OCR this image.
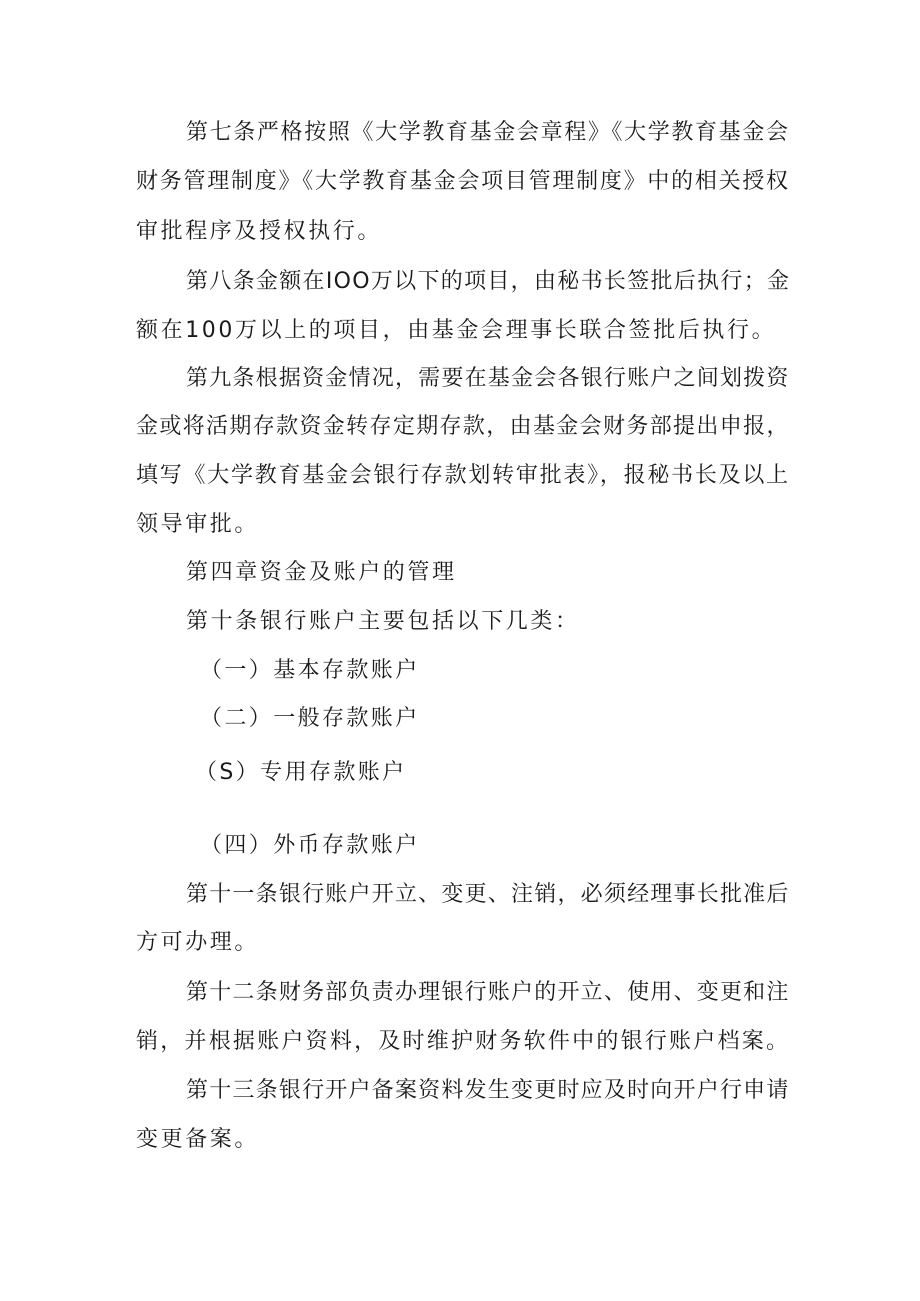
第七条严格按照《大学教育基金会章程》《大学教育基金会
财务管理制度》《大学教育基金会项目管理制度》中的相关授权
审批程序及授权执行。
第八条金额在IOO万以下的项目，由秘书长签批后执行；金
额在100万以上的项目，由基金会理事长联合签批后执行。
第九条根据资金情况，需要在基金会各银行账户之间划拨资
金或将活期存款资金转存定期存款，由基金会财务部提出申报，
填写《大学教育基金会银行存款划转审批表》，报秘书长及以上
领导审批。
第四章资金及账户的管理
第十条银行账户主要包括以下几类：
（一）基本存款账户
（二）一般存款账户
（S）专用存款账户
（四）外币存款账户
第十一条银行账户开立、变更、注销，必须经理事长批准后
方可办理。
第十二条财务部负责办理银行账户的开立、使用、变更和注
销，并根据账户资料，及时维护财务软件中的银行账户档案。
第十三条银行开户备案资料发生变更时应及时向开户行申请
变更备案。
